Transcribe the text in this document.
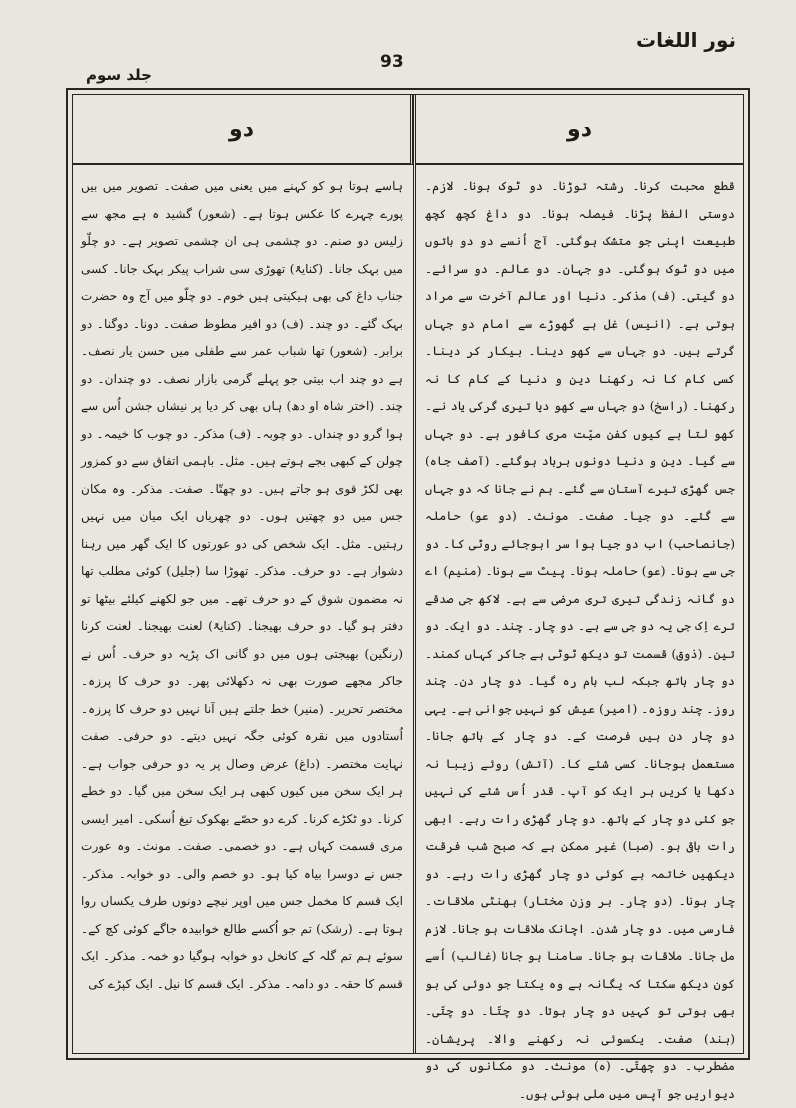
نور اللغات
93
جلد سوم
دو
دو

قطع محبت کرنا۔ رشتہ توڑنا۔ دو ٹوک ہونا۔ لازم۔ دوستی الفظ پڑنا۔ فیصلہ ہونا۔ دو داغ کچھ کچھ طبیعت اپنی جو متشک ہوگئی۔ آج اُنسے دو دو باتوں میں دو ٹوک ہوگئی۔ دو جہان۔ دو عالم۔ دو سرائے۔ دو گیتی۔ (ف) مذکر۔ دنیا اور عالم آخرت سے مراد ہوتی ہے۔ (انیس) غل ہے گھوڑے سے امام دو جہاں گرتے ہیں۔ دو جہاں سے کھو دینا۔ بیکار کر دینا۔ کسی کام کا نہ رکھنا دین و دنیا کے کام کا نہ رکھنا۔ (راسخ) دو جہاں سے کھو دیا تیری گرکی یاد نے۔ کھو لتا ہے کیوں کفن میّت مری کافور ہے۔ دو جہاں سے گیا۔ دین و دنیا دونوں برباد ہوگئے۔ (آصف جاہ) جس گھڑی تیرے آستان سے گئے۔ ہم نے جانا کہ دو جہاں سے گئے۔ دو جیا۔ صفت۔ مونث۔ (دو عو) حاملہ (جانصاحب) اب دو جیا ہوا سر اہوجائے روٹی کا۔ دو جی سے ہونا۔ (عو) حاملہ ہونا۔ پیٹ سے ہونا۔ (منیم) اے دو گانہ زندگی تیری تری مرضی سے ہے۔ لاکھ جی صدقے ترے اِک جی یہ دو جی سے ہے۔ دو چار۔ چند۔ دو ایک۔ دو تین۔ (ذوق) قسمت تو دیکھ ٹوٹی ہے جاکر کہاں کمند۔ دو چار ہاتھ جبکہ لب بام رہ گیا۔ دو چار دن۔ چند روز۔ چند روزہ۔ (امیر) عیش کو نہیں جوانی ہے۔ یہی دو چار دن ہیں فرصت کے۔ دو چار کے ہاتھ جانا۔ مستعمل ہوجانا۔ کسی شئے کا۔ (آتش) روئے زیبا نہ دکھا یا کریں ہر ایک کو آپ۔ قدر اُس شئے کی نہیں جو کئی دو چار کے ہاتھ۔ دو چار گھڑی رات رہے۔ ابھی رات باقی ہو۔ (صبا) غیر ممکن ہے کہ صبح شب فرقت دیکھیں خاتمہ ہے کوئی دو چار گھڑی رات رہے۔ دو چار ہونا۔ (دو چار۔ بر وزن مختار) بھنٹی ملاقات۔ فارسی میں۔ دو چار شدن۔ اچانک ملاقات ہو جانا۔ لازم مل جانا۔ ملاقات ہو جانا۔ سامنا ہو جانا (غالب) اُسے کون دیکھ سکتا کہ یگانہ ہے وہ یکتا جو دوئی کی بو بھی ہوتی تو کہیں دو چار ہوتا۔ دو چتّا۔ دو چتّی۔ (ہند) صفت۔ یکسوئی نہ رکھنے والا۔ پریشان۔ مضطرب۔ دو چھتّی۔ (ہ) مونث۔ دو مکانوں کی دو دیواریں جو آپس میں ملی ہوئی ہوں۔

ہاسے ہوتا ہو کو کہنے میں یعنی میں صفت۔ تصویر میں بیں پورے چہرے کا عکس ہوتا ہے۔ (شعور) گشید ہ ہے مجھ سے زلیس دو صنم۔ دو چشمی ہی ان چشمی تصویر ہے۔ دو چلّو میں بہک جانا۔ (کنایۃً) تھوڑی سی شراب پیکر بہک جانا۔ کسی جناب داغ کی بھی ہیکیتی ہیں خوم۔ دو چلّو میں آج وہ حضرت بہک گئے۔ دو چند۔ (ف) دو افیر مطوظ صفت۔ دونا۔ دوگنا۔ دو برابر۔ (شعور) تھا شباب عمر سے طفلی میں حسن یار نصف۔ ہے دو چند اب بیتی جو پہلے گرمی بازار نصف۔ دو چندان۔ دو چند۔ (اختر شاہ او دھ) ہاں بھی کر دیا پر نیشاں جشن اُس سے ہوا گرو دو چنداں۔ دو چوبہ۔ (ف) مذکر۔ دو چوب کا خیمہ۔ دو چولن کے کبھی بجے ہوتے ہیں۔ مثل۔ باہمی اتفاق سے دو کمزور بھی لکڑ قوی ہو جاتے ہیں۔ دو چھتّا۔ صفت۔ مذکر۔ وہ مکان جس میں دو چھتیں ہوں۔ دو چھریاں ایک میان میں نہیں رہتیں۔ مثل۔ ایک شخص کی دو عورتوں کا ایک گھر میں رہنا دشوار ہے۔ دو حرف۔ مذکر۔ تھوڑا سا (جلیل) کوئی مطلب تھا نہ مضمون شوق کے دو حرف تھے۔ میں جو لکھنے کیلئے بیٹھا تو دفتر ہو گیا۔ دو حرف بھیجنا۔ (کنایۃً) لعنت بھیجنا۔ لعنت کرنا (رنگین) بھیجتی ہوں میں دو گانی اک پڑیہ دو حرف۔ اُس نے جاکر مجھے صورت بھی نہ دکھلائی پھر۔ دو حرف کا پرزہ۔ مختصر تحریر۔ (منیر) خط جلتے ہیں آنا نہیں دو حرف کا پرزہ۔ اُستادوں میں نقرہ کوئی جگہ نہیں دیتے۔ دو حرفی۔ صفت نہایت مختصر۔ (داغ) عرض وصال پر یہ دو حرفی جواب ہے۔ ہر ایک سخن میں کیوں کبھی ہر ایک سخن میں گیا۔ دو خطے کرنا۔ دو ٹکڑے کرنا۔ کرے دو حصّے بھکوک تیغ اُسکی۔ امیر ایسی مری قسمت کہاں ہے۔ دو خصمی۔ صفت۔ مونث۔ وہ عورت جس نے دوسرا بیاہ کیا ہو۔ دو خصم والی۔ دو خوابہ۔ مذکر۔ ایک قسم کا مخمل جس میں اوپر نیچے دونوں طرف یکساں روا ہوتا ہے۔ (رشک) تم جو اُکسے طالع خوابیدہ جاگے کوئی کچ کے۔ سوئے ہم تم گلہ کے کانخل دو خوابہ ہوگیا دو خمہ۔ مذکر۔ ایک قسم کا حقہ۔ دو دامہ۔ مذکر۔ ایک قسم کا نیل۔ ایک کپڑے کی
